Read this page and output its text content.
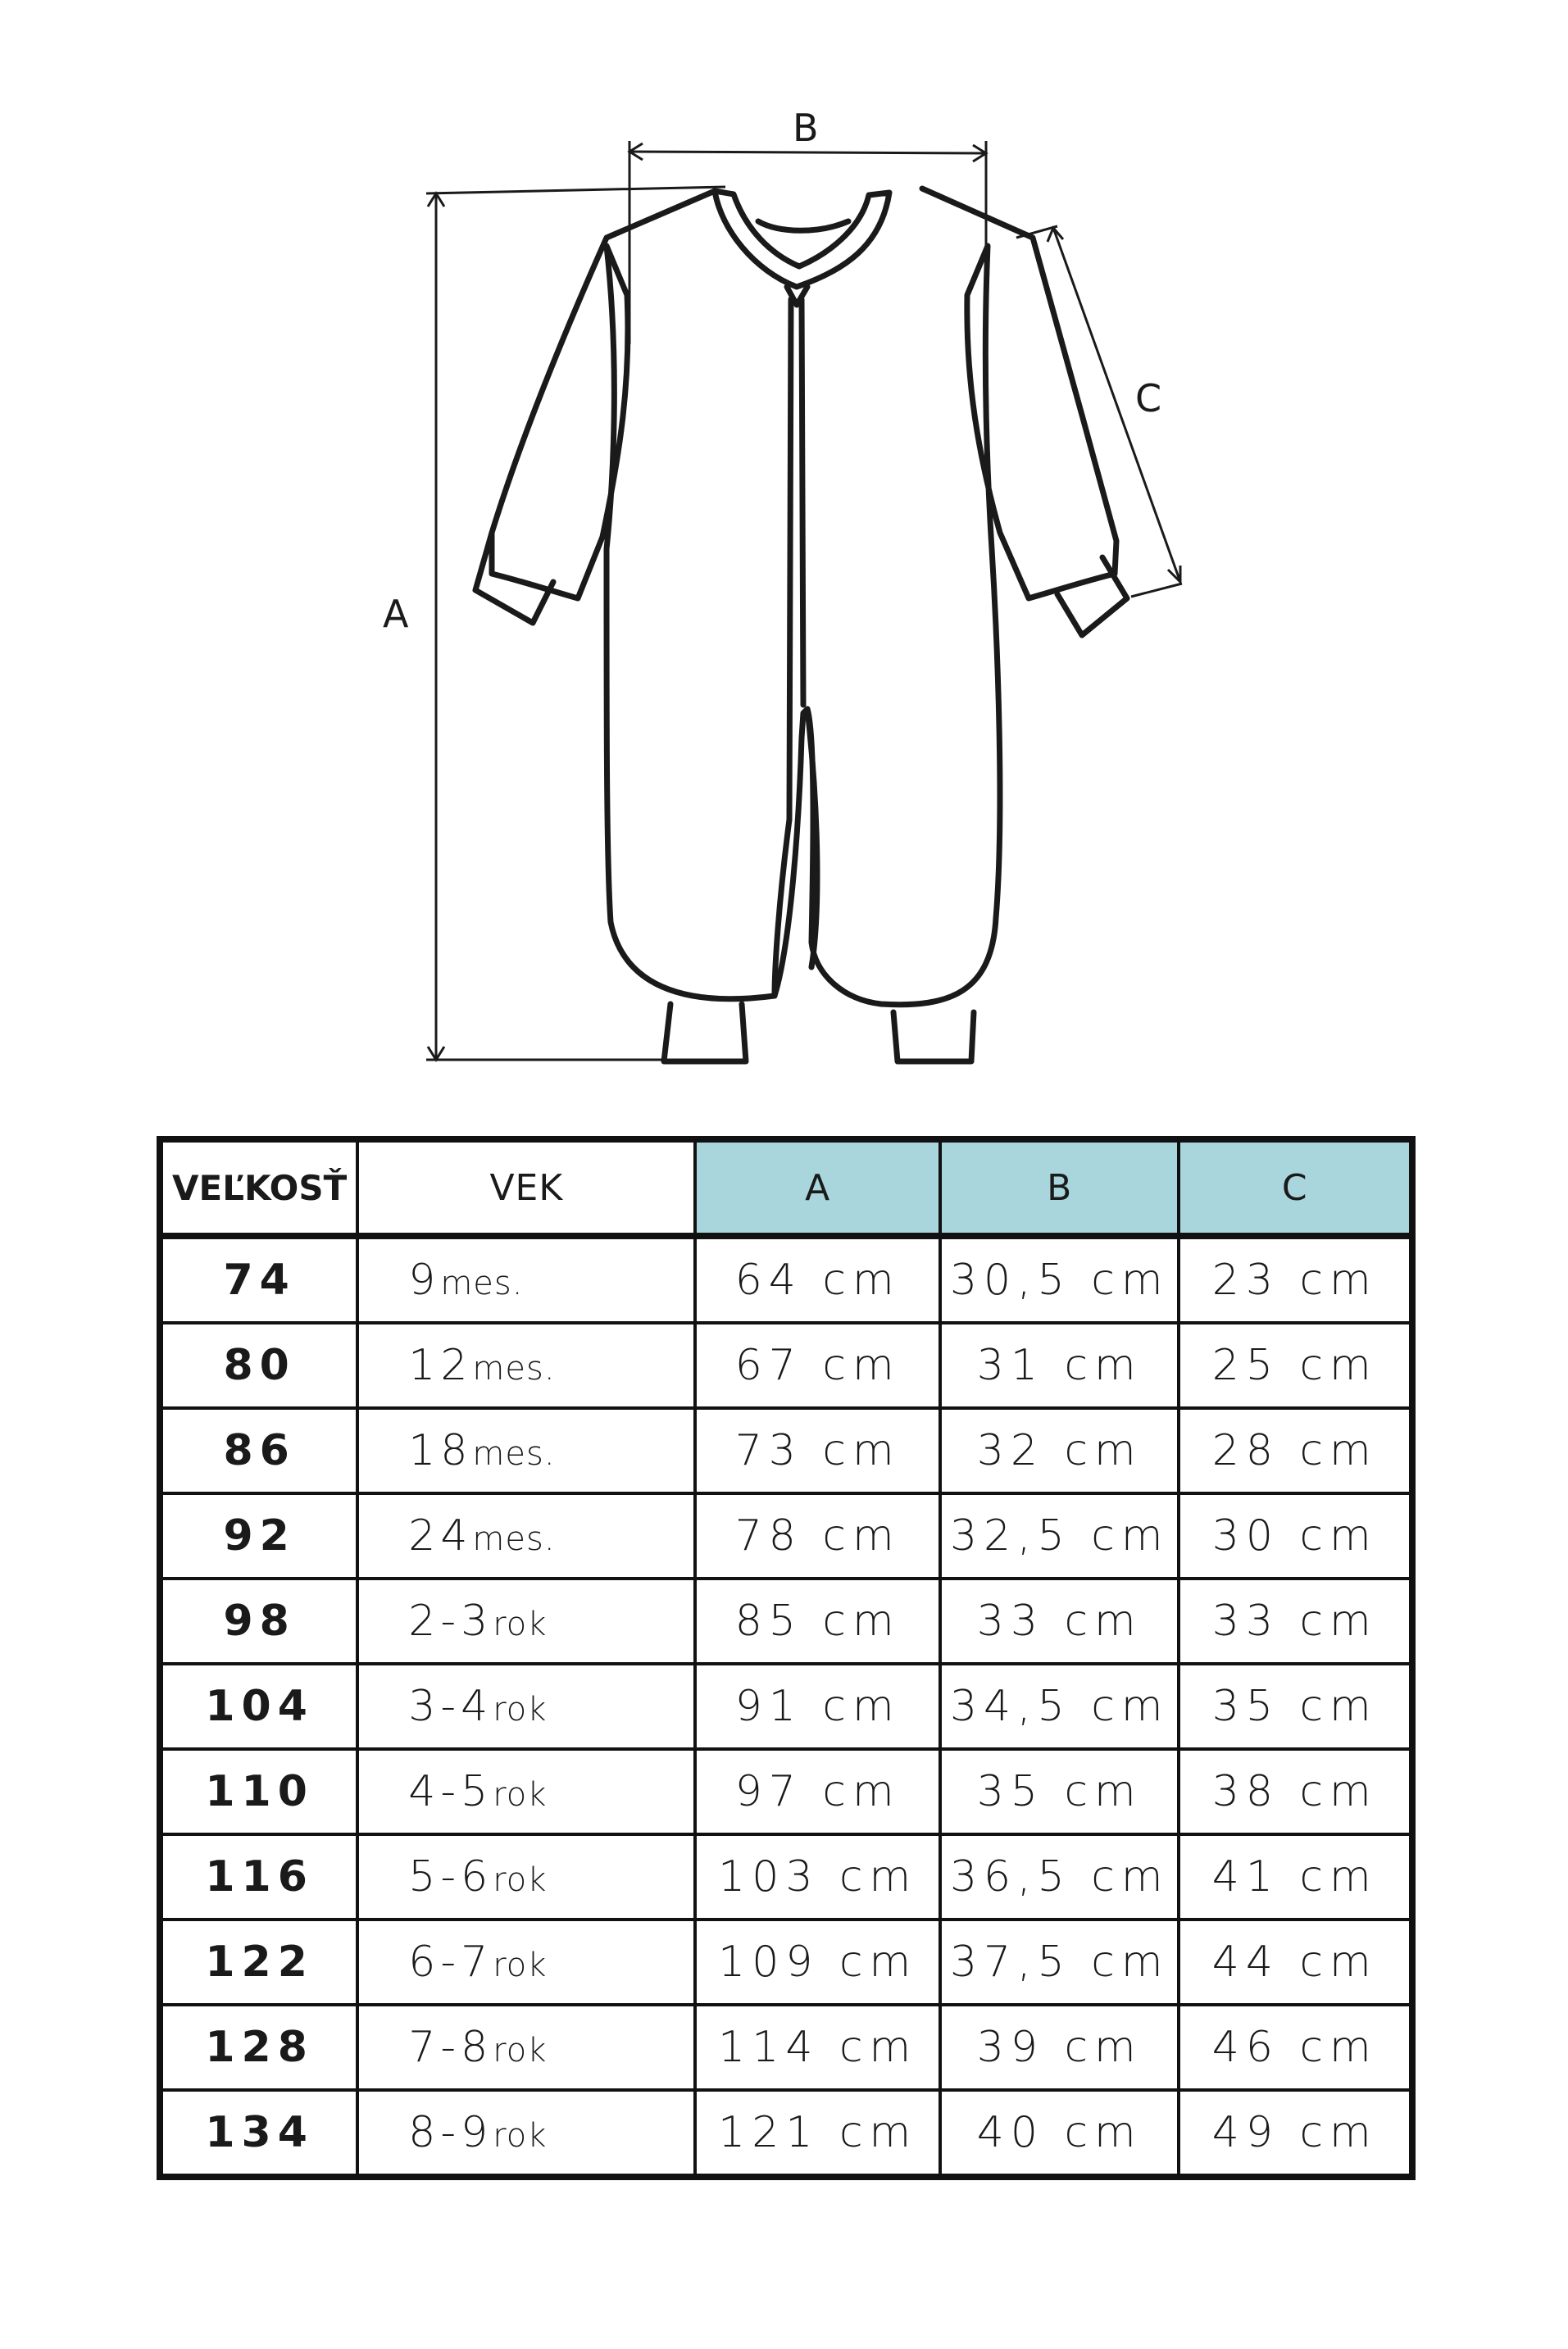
A
B
C
VEĽKOSŤ	VEK	A	B	C
74	9mes.	64 cm	30,5 cm	23 cm
80	12mes.	67 cm	31 cm	25 cm
86	18mes.	73 cm	32 cm	28 cm
92	24mes.	78 cm	32,5 cm	30 cm
98	2-3rok	85 cm	33 cm	33 cm
104	3-4rok	91 cm	34,5 cm	35 cm
110	4-5rok	97 cm	35 cm	38 cm
116	5-6rok	103 cm	36,5 cm	41 cm
122	6-7rok	109 cm	37,5 cm	44 cm
128	7-8rok	114 cm	39 cm	46 cm
134	8-9rok	121 cm	40 cm	49 cm
